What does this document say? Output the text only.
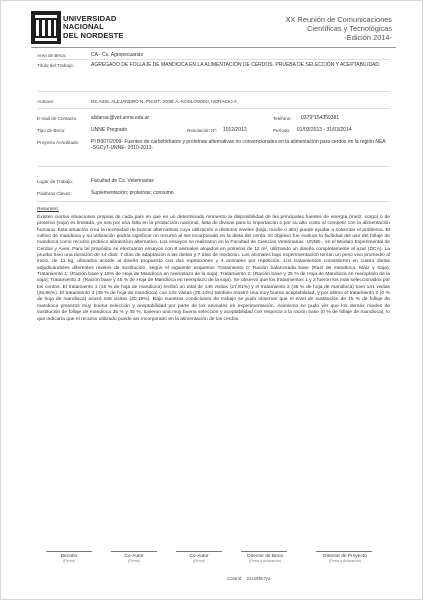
UNIVERSIDAD
NACIONAL
DEL NORDESTE
XX Reunión de Comunicaciones
Científicas y Tecnológicas
-Edición 2014-
Area de Beca:	CA - Cs. Agropecuarias
Título del Trabajo:	AGREGADO DE FOLLAJE DE MANDIOCA EN LA ALIMENTACIÓN DE CERDOS. PRUEBA DE SELECCIÓN Y ACEPTABILIDAD.
Autores:	DE ASIS, ALEJANDRO N.-PICOT, JOSÉ A.-KOSLOWSKI, HORACIO A.
E-mail de Contacto:	alslanac@vet.unne.edu.ar	Teléfono: 0379*154359381
Tipo de Beca:	UNNE Pregrado	Resolución Nº: 1012/2012	Período: 01/03/2013 - 31/03/2014
Proyecto Acreditado: PI B007/2009- Fuentes de carbohidratos y proteínas alternativas no convencionales en la alimentación para cerdos en la región NEA -SGCyT-UNNE- 2010-2013.
Lugar de Trabajo:	Facultad de Cs. Veterinarias
Palabras Claves:	Suplementación; proteínas; consumo.
Resumen:
Existen ciertas situaciones propias de cada país en que en un determinado momento la disponibilidad de las principales fuentes de energía (maíz, sorgo) o de proteína (soja) es limitada, ya sea por una falta en la producción nacional, falta de divisas para la importación o por su alto costo al competir con la alimentación humana. Esta situación crea la necesidad de buscar alternativas cuya utilización a distintos niveles (bajo, medio o alto) puede ayudar a solventar el problema. El cultivo de mandioca y su utilización podría significar un recurso al ser incorporado en la dieta del cerdo. El objetivo fue evaluar la facilidad del uso del follaje de mandioca como recurso proteico alimenticio alternativo. Los ensayos se realizaron en la Facultad de Ciencias Veterinarias -UNNE-, en el Módulo Experimental de Cerdos y Aves. Para tal propósito se efectuaron ensayos con 8 animales alojados en potreros de 12 m², utilizando un diseño completamente al azar (DCA). La prueba tuvo una duración de 14 días: 7 días de adaptación a las dietas y 7 días de medición. Los animales bajo experimentación tenían un peso vivo promedio al inicio, de 11 kg, ubicados acorde al diseño propuesto con dos repeticiones y 4 animales por repetición. Los tratamientos consistieron en cuatro dietas adjudicándoles diferentes niveles de sustitución, según el siguiente esquema: Tratamiento 0: Ración balanceada base (Raíz de mandioca, Maíz y Soja); Tratamiento 1: (Ración base y 15% de Hoja de Mandioca en reemplazo de la soja); Tratamiento 2: (Ración base y 35 % de Hoja de Mandioca en reemplazo de la soja); Tratamiento 3: (Ración base y 45 % de Hoja de Mandioca en reemplazo de la soja). Se observó que los tratamientos 1 y 2 fueron los más seleccionados por los cerdos. El tratamiento 1 (15 % de hoja de mandioca) recibió un total de 146 visitas (27,81%) y el tratamiento 2 (35 % de hoja de mandioca) tuvo 141 visitas (26,86%). El tratamiento 3 (45 % de hoja de mandioca) con 132 visitas (25,14%) también mostró una muy buena aceptabilidad, y por último el tratamiento 0 (0 % de hoja de mandioca) acusó 106 visitas (20,19%). Bajo nuestras condiciones de trabajo se pudo observar que el nivel de sustitución de 15 % de follaje de mandioca presentó muy buena selección y aceptabilidad por parte de los animales en experimentación. Asimismo se pudo ver que los demás niveles de sustitución de follaje de mandioca 35 % y 45 %, tuvieron una muy buena selección y aceptabilidad con respecto a la ración base (0 % de follaje de mandioca), lo que indicaría que el recurso utilizado puede ser incorporado en la alimentación de los cerdos.
Becario
(Firma)
Co-Autor
(Firma)
Co-Autor
(Firma)
Director de Beca
(Firma y Aclaración)
Director de Proyecto
(Firma y Aclaración)
Control: 21s19fm7ya
